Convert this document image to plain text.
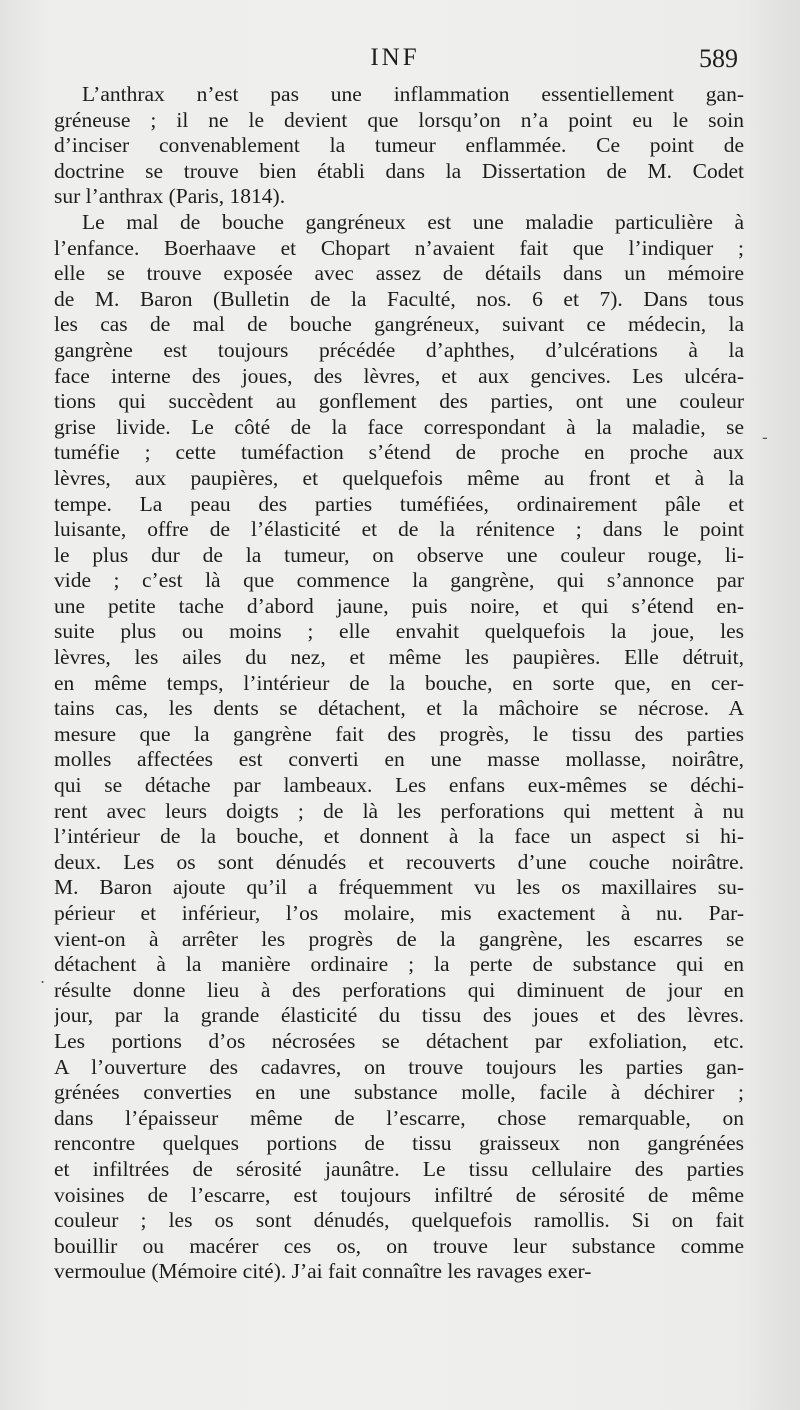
INF	589
L’anthrax n’est pas une inflammation essentiellement gan-
gréneuse ; il ne le devient que lorsqu’on n’a point eu le soin
d’inciser convenablement la tumeur enflammée. Ce point de
doctrine se trouve bien établi dans la Dissertation de M. Codet
sur l’anthrax (Paris, 1814).
Le mal de bouche gangréneux est une maladie particulière à
l’enfance. Boerhaave et Chopart n’avaient fait que l’indiquer ;
elle se trouve exposée avec assez de détails dans un mémoire
de M. Baron (Bulletin de la Faculté, nos. 6 et 7). Dans tous
les cas de mal de bouche gangréneux, suivant ce médecin, la
gangrène est toujours précédée d’aphthes, d’ulcérations à la
face interne des joues, des lèvres, et aux gencives. Les ulcéra-
tions qui succèdent au gonflement des parties, ont une couleur
grise livide. Le côté de la face correspondant à la maladie, se
tuméfie ; cette tuméfaction s’étend de proche en proche aux
lèvres, aux paupières, et quelquefois même au front et à la
tempe. La peau des parties tuméfiées, ordinairement pâle et
luisante, offre de l’élasticité et de la rénitence ; dans le point
le plus dur de la tumeur, on observe une couleur rouge, li-
vide ; c’est là que commence la gangrène, qui s’annonce par
une petite tache d’abord jaune, puis noire, et qui s’étend en-
suite plus ou moins ; elle envahit quelquefois la joue, les
lèvres, les ailes du nez, et même les paupières. Elle détruit,
en même temps, l’intérieur de la bouche, en sorte que, en cer-
tains cas, les dents se détachent, et la mâchoire se nécrose. A
mesure que la gangrène fait des progrès, le tissu des parties
molles affectées est converti en une masse mollasse, noirâtre,
qui se détache par lambeaux. Les enfans eux-mêmes se déchi-
rent avec leurs doigts ; de là les perforations qui mettent à nu
l’intérieur de la bouche, et donnent à la face un aspect si hi-
deux. Les os sont dénudés et recouverts d’une couche noirâtre.
M. Baron ajoute qu’il a fréquemment vu les os maxillaires su-
périeur et inférieur, l’os molaire, mis exactement à nu. Par-
vient-on à arrêter les progrès de la gangrène, les escarres se
détachent à la manière ordinaire ; la perte de substance qui en
résulte donne lieu à des perforations qui diminuent de jour en
jour, par la grande élasticité du tissu des joues et des lèvres.
Les portions d’os nécrosées se détachent par exfoliation, etc.
A l’ouverture des cadavres, on trouve toujours les parties gan-
grénées converties en une substance molle, facile à déchirer ;
dans l’épaisseur même de l’escarre, chose remarquable, on
rencontre quelques portions de tissu graisseux non gangrénées
et infiltrées de sérosité jaunâtre. Le tissu cellulaire des parties
voisines de l’escarre, est toujours infiltré de sérosité de même
couleur ; les os sont dénudés, quelquefois ramollis. Si on fait
bouillir ou macérer ces os, on trouve leur substance comme
vermoulue (Mémoire cité). J’ai fait connaître les ravages exer-
-
.
